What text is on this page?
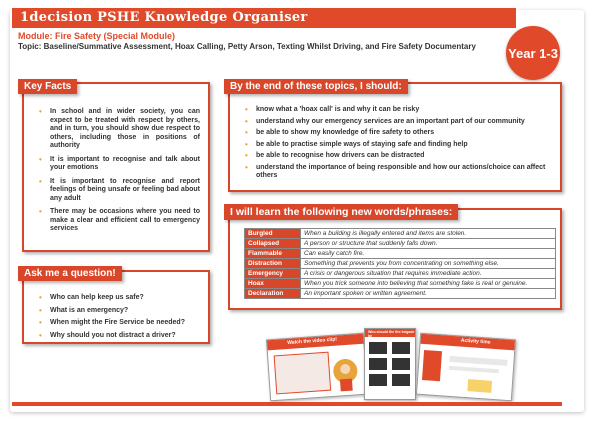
1decision PSHE Knowledge Organiser
Year 1-3
Module: Fire Safety (Special Module)
Topic: Baseline/Summative Assessment, Hoax Calling, Petty Arson, Texting Whilst Driving, and Fire Safety Documentary
• In school and in wider society, you can expect to be treated with respect by others, and in turn, you should show due respect to others, including those in positions of authority
• It is important to recognise and talk about your emotions
• It is important to recognise and report feelings of being unsafe or feeling bad about any adult
• There may be occasions where you need to make a clear and efficient call to emergency services
Key Facts
• Who can help keep us safe?
• What is an emergency?
• When might the Fire Service be needed?
• Why should you not distract a driver?
Ask me a question!
• know what a 'hoax call' is and why it can be risky
• understand why our emergency services are an important part of our community
• be able to show my knowledge of fire safety to others
• be able to practise simple ways of staying safe and finding help
• be able to recognise how drivers can be distracted
• understand the importance of being responsible and how our actions/choice can affect others
By the end of these topics, I should:
Burgled	When a building is illegally entered and items are stolen.
Collapsed	A person or structure that suddenly falls down.
Flammable	Can easily catch fire.
Distraction	Something that prevents you from concentrating on something else.
Emergency	A crisis or dangerous situation that requires immediate action.
Hoax	When you trick someone into believing that something fake is real or genuine.
Declaration	An important spoken or written agreement.
I will learn the following new words/phrases:
Watch the video clip!
Who should the fire brigade be
Activity time
